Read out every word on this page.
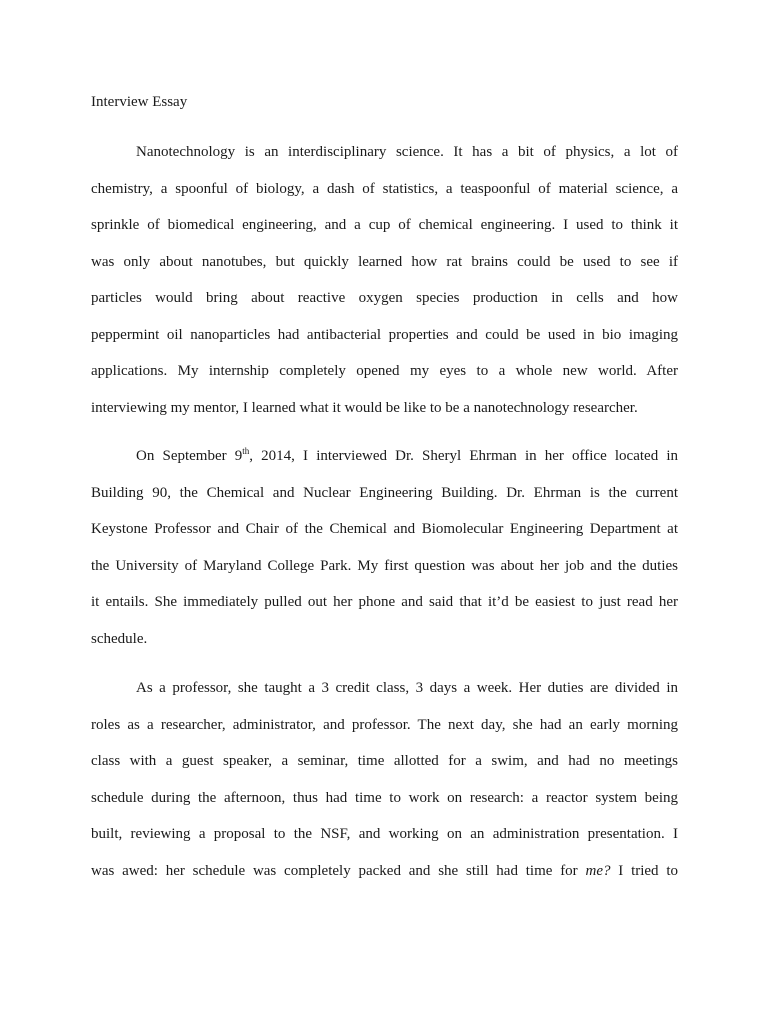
Interview Essay
Nanotechnology is an interdisciplinary science. It has a bit of physics, a lot of
chemistry, a spoonful of biology, a dash of statistics, a teaspoonful of material science, a
sprinkle of biomedical engineering, and a cup of chemical engineering. I used to think it
was only about nanotubes, but quickly learned how rat brains could be used to see if
particles would bring about reactive oxygen species production in cells and how
peppermint oil nanoparticles had antibacterial properties and could be used in bio imaging
applications. My internship completely opened my eyes to a whole new world. After
interviewing my mentor, I learned what it would be like to be a nanotechnology researcher.
On September 9th, 2014, I interviewed Dr. Sheryl Ehrman in her office located in
Building 90, the Chemical and Nuclear Engineering Building. Dr. Ehrman is the current
Keystone Professor and Chair of the Chemical and Biomolecular Engineering Department at
the University of Maryland College Park. My first question was about her job and the duties
it entails. She immediately pulled out her phone and said that it’d be easiest to just read her
schedule.
As a professor, she taught a 3 credit class, 3 days a week. Her duties are divided in
roles as a researcher, administrator, and professor. The next day, she had an early morning
class with a guest speaker, a seminar, time allotted for a swim, and had no meetings
schedule during the afternoon, thus had time to work on research: a reactor system being
built, reviewing a proposal to the NSF, and working on an administration presentation. I
was awed: her schedule was completely packed and she still had time for me? I tried to
